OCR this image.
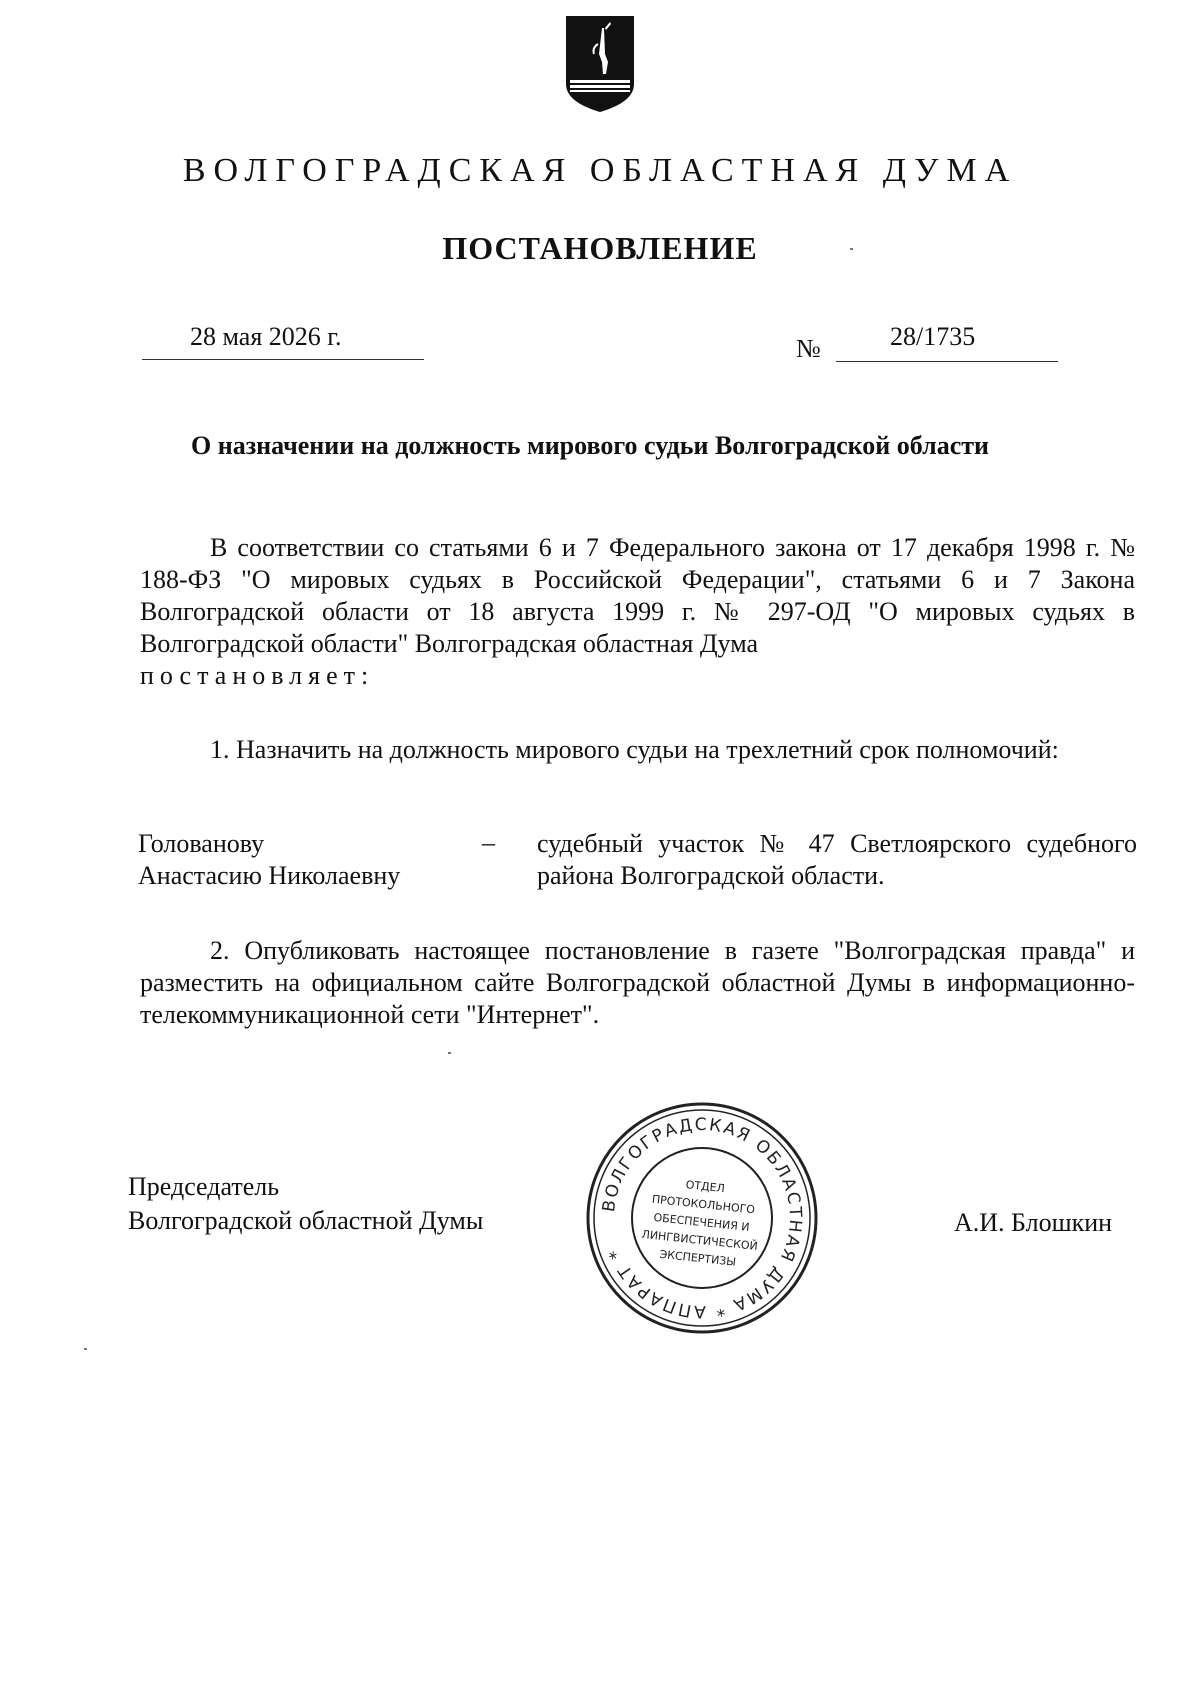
ВОЛГОГРАДСКАЯ ОБЛАСТНАЯ ДУМА
ПОСТАНОВЛЕНИЕ
28 мая 2026 г.	№	28/1735
О назначении на должность мирового судьи Волгоградской области
В соответствии со статьями 6 и 7 Федерального закона от 17 декабря 1998 г. № 188-ФЗ "О мировых судьях в Российской Федерации", статьями 6 и 7 Закона Волгоградской области от 18 августа 1999 г. № 297-ОД "О мировых судьях в Волгоградской области" Волгоградская областная Дума
постановляет:
1. Назначить на должность мирового судьи на трехлетний срок полномочий:
Голованову
Анастасию Николаевну
– судебный участок № 47 Светлоярского судебного района Волгоградской области.
2. Опубликовать настоящее постановление в газете "Волгоградская правда" и разместить на официальном сайте Волгоградской областной Думы в информационно-телекоммуникационной сети "Интернет".
Председатель
Волгоградской областной Думы	А.И. Блошкин
ВОЛГОГРАДСКАЯ ОБЛАСТНАЯ ДУМА * АППАРАТ *
ОТДЕЛ
ПРОТОКОЛЬНОГО
ОБЕСПЕЧЕНИЯ И
ЛИНГВИСТИЧЕСКОЙ
ЭКСПЕРТИЗЫ
